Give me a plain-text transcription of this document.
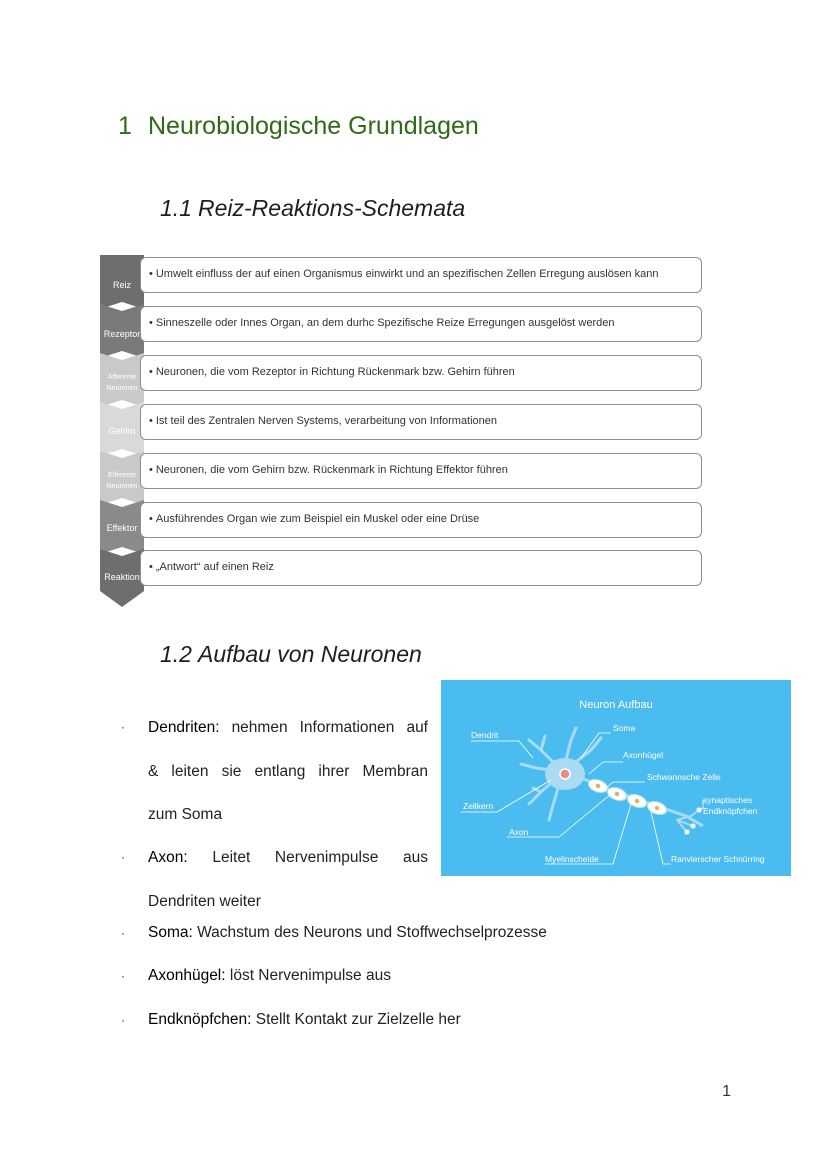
1 Neurobiologische Grundlagen
1.1 Reiz-Reaktions-Schemata
Reiz
Rezeptor
Afferente Neuronen
Gehirn
Efferente Neuronen
Effektor
Reaktion
• Umwelt einfluss der auf einen Organismus einwirkt und an spezifischen Zellen Erregung auslösen kann
• Sinneszelle oder Innes Organ, an dem durhc Spezifische Reize Erregungen ausgelöst werden
• Neuronen, die vom Rezeptor in Richtung Rückenmark bzw. Gehirn führen
• Ist teil des Zentralen Nerven Systems, verarbeitung von Informationen
• Neuronen, die vom Gehirn bzw. Rückenmark in Richtung Effektor führen
• Ausführendes Organ wie zum Beispiel ein Muskel oder eine Drüse
• „Antwort“ auf einen Reiz
1.2 Aufbau von Neuronen
Neuron Aufbau
Dendrit
Soma
Axonhügel
Schwannsche Zelle
synaptisches
Endknöpfchen
Zellkern
Axon
Myelinscheide	Ranvierscher Schnürring
· Dendriten: nehmen Informationen auf
& leiten sie entlang ihrer Membran
zum Soma
· Axon: Leitet Nervenimpulse aus
Dendriten weiter
· Soma: Wachstum des Neurons und Stoffwechselprozesse
· Axonhügel: löst Nervenimpulse aus
· Endknöpfchen: Stellt Kontakt zur Zielzelle her
1
